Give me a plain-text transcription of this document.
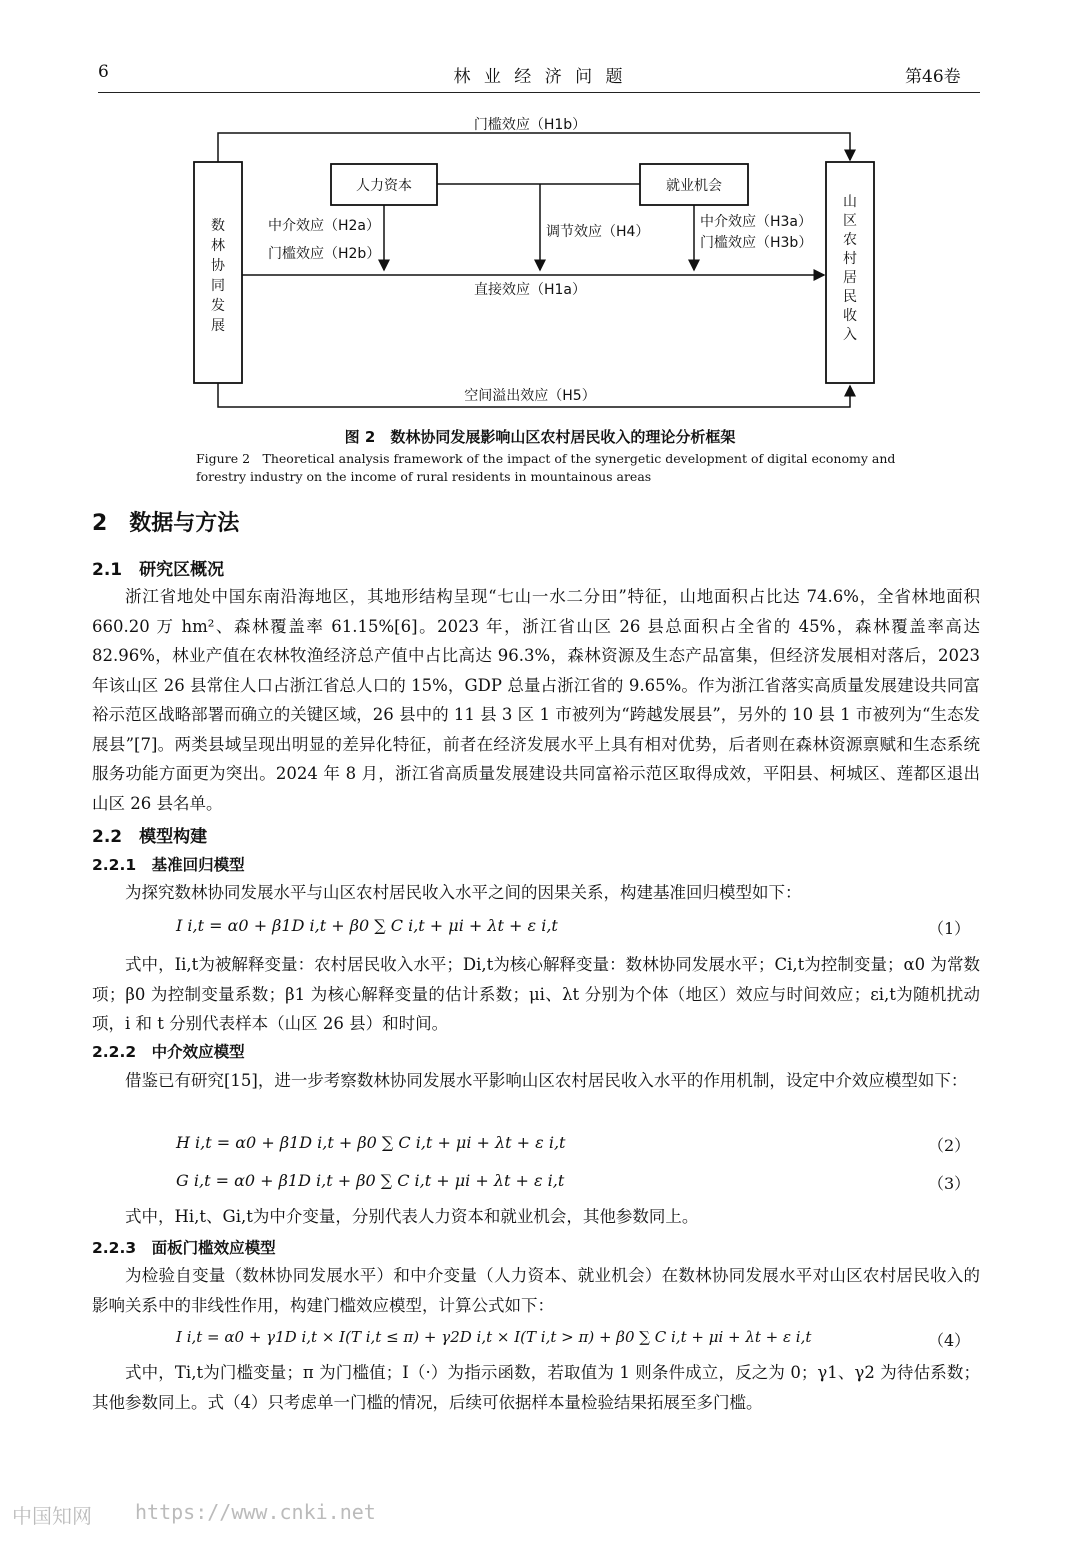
6	林 业 经 济 问 题	第46卷
门槛效应（H1b）
空间溢出效应（H5）
数
林
协
同
发
展
山
区
农
村
居
民
收
入
人力资本	就业机会
直接效应（H1a）
中介效应（H2a）
门槛效应（H2b）
调节效应（H4）
中介效应（H3a）
门槛效应（H3b）
图 2　数林协同发展影响山区农村居民收入的理论分析框架
Figure 2　Theoretical analysis framework of the impact of the synergetic development of digital economy and forestry industry on the income of rural residents in mountainous areas
2　数据与方法
2.1　研究区概况
浙江省地处中国东南沿海地区，其地形结构呈现“七山一水二分田”特征，山地面积占比达 74.6%，全省林地面积 660.20 万 hm²、森林覆盖率 61.15%[6]。2023 年，浙江省山区 26 县总面积占全省的 45%，森林覆盖率高达 82.96%，林业产值在农林牧渔经济总产值中占比高达 96.3%，森林资源及生态产品富集，但经济发展相对落后，2023 年该山区 26 县常住人口占浙江省总人口的 15%，GDP 总量占浙江省的 9.65%。作为浙江省落实高质量发展建设共同富裕示范区战略部署而确立的关键区域，26 县中的 11 县 3 区 1 市被列为“跨越发展县”，另外的 10 县 1 市被列为“生态发展县”[7]。两类县域呈现出明显的差异化特征，前者在经济发展水平上具有相对优势，后者则在森林资源禀赋和生态系统服务功能方面更为突出。2024 年 8 月，浙江省高质量发展建设共同富裕示范区取得成效，平阳县、柯城区、莲都区退出山区 26 县名单。
2.2　模型构建
2.2.1　基准回归模型
为探究数林协同发展水平与山区农村居民收入水平之间的因果关系，构建基准回归模型如下：
I i,t = α0 + β1D i,t + β0 ∑ C i,t + μi + λt + ε i,t	（1）
式中，Ii,t为被解释变量：农村居民收入水平；Di,t为核心解释变量：数林协同发展水平；Ci,t为控制变量；α0 为常数项；β0 为控制变量系数；β1 为核心解释变量的估计系数；μi、λt 分别为个体（地区）效应与时间效应；εi,t为随机扰动项，i 和 t 分别代表样本（山区 26 县）和时间。
2.2.2　中介效应模型
借鉴已有研究[15]，进一步考察数林协同发展水平影响山区农村居民收入水平的作用机制，设定中介效应模型如下：
H i,t = α0 + β1D i,t + β0 ∑ C i,t + μi + λt + ε i,t	（2）
G i,t = α0 + β1D i,t + β0 ∑ C i,t + μi + λt + ε i,t	（3）
式中，Hi,t、Gi,t为中介变量，分别代表人力资本和就业机会，其他参数同上。
2.2.3　面板门槛效应模型
为检验自变量（数林协同发展水平）和中介变量（人力资本、就业机会）在数林协同发展水平对山区农村居民收入的影响关系中的非线性作用，构建门槛效应模型，计算公式如下：
I i,t = α0 + γ1D i,t × I(T i,t ≤ π) + γ2D i,t × I(T i,t > π) + β0 ∑ C i,t + μi + λt + ε i,t	（4）
式中，Ti,t为门槛变量；π 为门槛值；I（·）为指示函数，若取值为 1 则条件成立，反之为 0；γ1、γ2 为待估系数；其他参数同上。式（4）只考虑单一门槛的情况，后续可依据样本量检验结果拓展至多门槛。
中国知网 https://www.cnki.net
